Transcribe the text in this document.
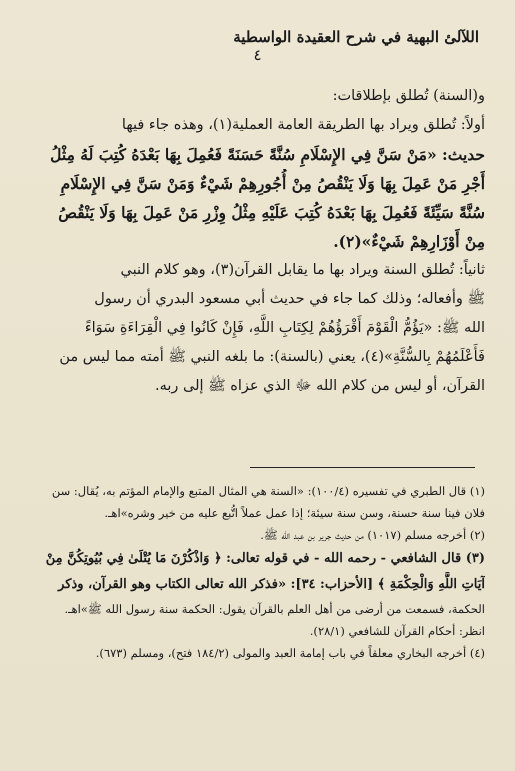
اللآلئ البهية في شرح العقيدة الواسطية
٤

و(السنة) تُطلق بإطلاقات:

أولاً: تُطلق ويراد بها الطريقة العامة العملية(١)، وهذه جاء فيها

حديث: «مَنْ سَنَّ فِي الإِسْلَامِ سُنَّةً حَسَنَةً فَعُمِلَ بِهَا بَعْدَهُ كُتِبَ لَهُ مِثْلُ

أَجْرِ مَنْ عَمِلَ بِهَا وَلَا يَنْقُصُ مِنْ أُجُورِهِمْ شَيْءٌ وَمَنْ سَنَّ فِي الإِسْلَامِ

سُنَّةً سَيِّئَةً فَعُمِلَ بِهَا بَعْدَهُ كُتِبَ عَلَيْهِ مِثْلُ وِزْرِ مَنْ عَمِلَ بِهَا وَلَا يَنْقُصُ

مِنْ أَوْزَارِهِمْ شَيْءٌ»(٢).

ثانياً: تُطلق السنة ويراد بها ما يقابل القرآن(٣)، وهو كلام النبي

ﷺ وأفعاله؛ وذلك كما جاء في حديث أبي مسعود البدري أن رسول

الله ﷺ: «يَؤُمُّ الْقَوْمَ أَقْرَؤُهُمْ لِكِتَابِ اللَّهِ، فَإِنْ كَانُوا فِي الْقِرَاءَةِ سَوَاءً

فَأَعْلَمُهُمْ بِالسُّنَّةِ»(٤)، يعني (بالسنة): ما بلغه النبي ﷺ أمته مما ليس من

القرآن، أو ليس من كلام الله ﷻ الذي عزاه ﷺ إلى ربه.

(١) قال الطبري في تفسيره (١٠٠/٤): «السنة هي المثال المتبع والإمام المؤتم به، يُقال: سن

فلان فينا سنة حسنة، وسن سنة سيئة؛ إذا عمل عملاً اتُّبع عليه من خير وشره»اهـ.

(٢) أخرجه مسلم (١٠١٧) من حديث جرير بن عبد الله ﷺ.

(٣) قال الشافعي - رحمه الله - في قوله تعالى: ﴿ وَاذْكُرْنَ مَا يُتْلَىٰ فِي بُيُوتِكُنَّ مِنْ

آيَاتِ اللَّهِ وَالْحِكْمَةِ ﴾ [الأحزاب: ٣٤]: «فذكر الله تعالى الكتاب وهو القرآن، وذكر

الحكمة، فسمعت من أرضى من أهل العلم بالقرآن يقول: الحكمة سنة رسول الله ﷺ»اهـ.

انظر: أحكام القرآن للشافعي (٢٨/١).

(٤) أخرجه البخاري معلقاً في باب إمامة العبد والمولى (١٨٤/٢ فتح)، ومسلم (٦٧٣).
